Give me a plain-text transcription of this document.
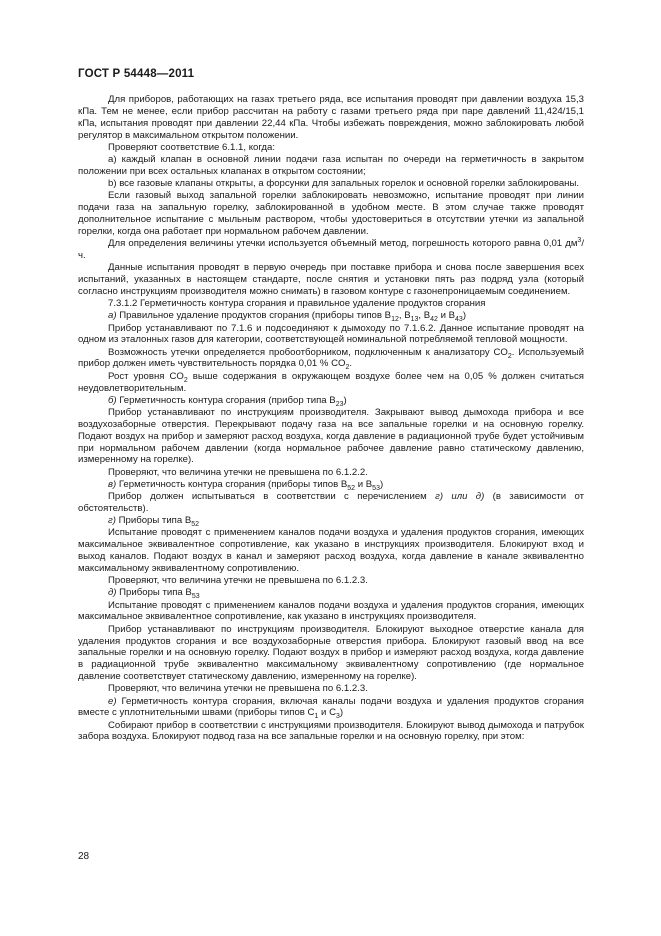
ГОСТ Р 54448—2011

Для приборов, работающих на газах третьего ряда, все испытания проводят при давлении воздуха 15,3 кПа. Тем не менее, если прибор рассчитан на работу с газами третьего ряда при паре давлений 11,424/15,1 кПа, испытания проводят при давлении 22,44 кПа. Чтобы избежать повреждения, можно заблокировать любой регулятор в максимальном открытом положении.

Проверяют соответствие 6.1.1, когда:

a) каждый клапан в основной линии подачи газа испытан по очереди на герметичность в закрытом положении при всех остальных клапанах в открытом состоянии;

b) все газовые клапаны открыты, а форсунки для запальных горелок и основной горелки заблокированы.

Если газовый выход запальной горелки заблокировать невозможно, испытание проводят при линии подачи газа на запальную горелку, заблокированной в удобном месте. В этом случае также проводят дополнительное испытание с мыльным раствором, чтобы удостовериться в отсутствии утечки из запальной горелки, когда она работает при нормальном рабочем давлении.

Для определения величины утечки используется объемный метод, погрешность которого равна 0,01 $дм^3/ч$.

Данные испытания проводят в первую очередь при поставке прибора и снова после завершения всех испытаний, указанных в настоящем стандарте, после снятия и установки пять раз подряд узла (который согласно инструкциям производителя можно снимать) в газовом контуре с газонепроницаемым соединением.

7.3.1.2 Герметичность контура сгорания и правильное удаление продуктов сгорания

а) Правильное удаление продуктов сгорания (приборы типов $B_{12}$, $B_{13}$, $B_{42}$ и $B_{43}$)

Прибор устанавливают по 7.1.6 и подсоединяют к дымоходу по 7.1.6.2. Данное испытание проводят на одном из эталонных газов для категории, соответствующей номинальной потребляемой тепловой мощности.

Возможность утечки определяется пробоотборником, подключенным к анализатору $CO_2$. Используемый прибор должен иметь чувствительность порядка 0,01 % $CO_2$.

Рост уровня $CO_2$ выше содержания в окружающем воздухе более чем на 0,05 % должен считаться неудовлетворительным.

б) Герметичность контура сгорания (прибор типа $B_{23}$)

Прибор устанавливают по инструкциям производителя. Закрывают вывод дымохода прибора и все воздухозаборные отверстия. Перекрывают подачу газа на все запальные горелки и на основную горелку. Подают воздух на прибор и замеряют расход воздуха, когда давление в радиационной трубе будет устойчивым при нормальном рабочем давлении (когда нормальное рабочее давление равно статическому давлению, измеренному на горелке).

Проверяют, что величина утечки не превышена по 6.1.2.2.

в) Герметичность контура сгорания (приборы типов $B_{52}$ и $B_{53}$)

Прибор должен испытываться в соответствии с перечислением г) или д) (в зависимости от обстоятельств).

г) Приборы типа $B_{52}$

Испытание проводят с применением каналов подачи воздуха и удаления продуктов сгорания, имеющих максимальное эквивалентное сопротивление, как указано в инструкциях производителя. Блокируют вход и выход каналов. Подают воздух в канал и замеряют расход воздуха, когда давление в канале эквивалентно максимальному эквивалентному сопротивлению.

Проверяют, что величина утечки не превышена по 6.1.2.3.

д) Приборы типа $B_{53}$

Испытание проводят с применением каналов подачи воздуха и удаления продуктов сгорания, имеющих максимальное эквивалентное сопротивление, как указано в инструкциях производителя.

Прибор устанавливают по инструкциям производителя. Блокируют выходное отверстие канала для удаления продуктов сгорания и все воздухозаборные отверстия прибора. Блокируют газовый ввод на все запальные горелки и на основную горелку. Подают воздух в прибор и измеряют расход воздуха, когда давление в радиационной трубе эквивалентно максимальному эквивалентному сопротивлению (где нормальное давление соответствует статическому давлению, измеренному на горелке).

Проверяют, что величина утечки не превышена по 6.1.2.3.

е) Герметичность контура сгорания, включая каналы подачи воздуха и удаления продуктов сгорания вместе с уплотнительными швами (приборы типов $C_1$ и $C_3$)

Собирают прибор в соответствии с инструкциями производителя. Блокируют вывод дымохода и патрубок забора воздуха. Блокируют подвод газа на все запальные горелки и на основную горелку, при этом:

28
